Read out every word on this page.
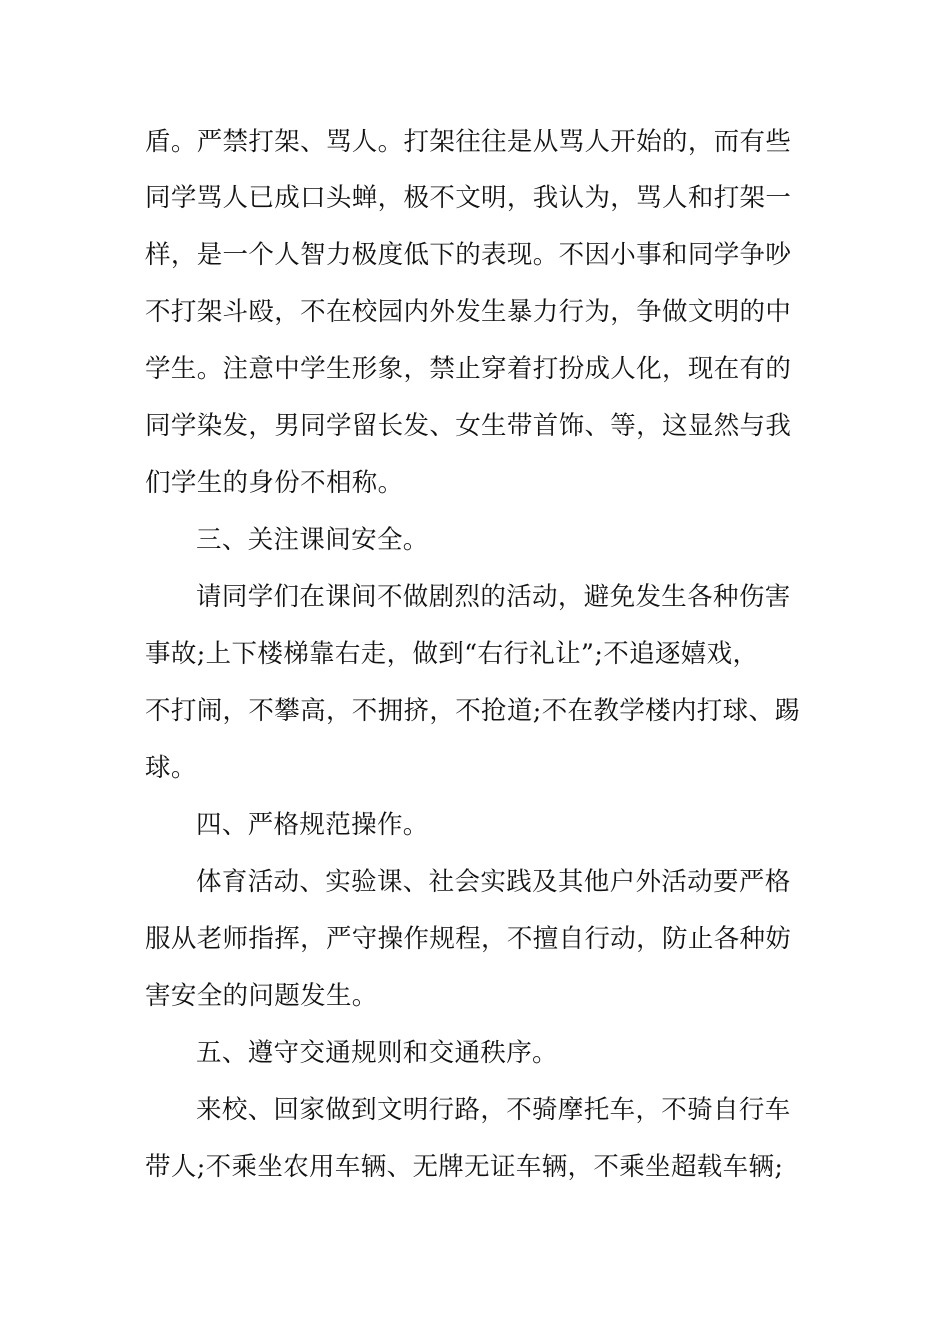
盾。严禁打架、骂人。打架往往是从骂人开始的，而有些
同学骂人已成口头蝉，极不文明，我认为，骂人和打架一
样，是一个人智力极度低下的表现。不因小事和同学争吵
不打架斗殴，不在校园内外发生暴力行为，争做文明的中
学生。注意中学生形象，禁止穿着打扮成人化，现在有的
同学染发，男同学留长发、女生带首饰、等，这显然与我
们学生的身份不相称。
三、关注课间安全。
请同学们在课间不做剧烈的活动，避免发生各种伤害
事故;上下楼梯靠右走，做到“右行礼让”;不追逐嬉戏，
不打闹，不攀高，不拥挤，不抢道;不在教学楼内打球、踢
球。
四、严格规范操作。
体育活动、实验课、社会实践及其他户外活动要严格
服从老师指挥，严守操作规程，不擅自行动，防止各种妨
害安全的问题发生。
五、遵守交通规则和交通秩序。
来校、回家做到文明行路，不骑摩托车，不骑自行车
带人;不乘坐农用车辆、无牌无证车辆，不乘坐超载车辆;
